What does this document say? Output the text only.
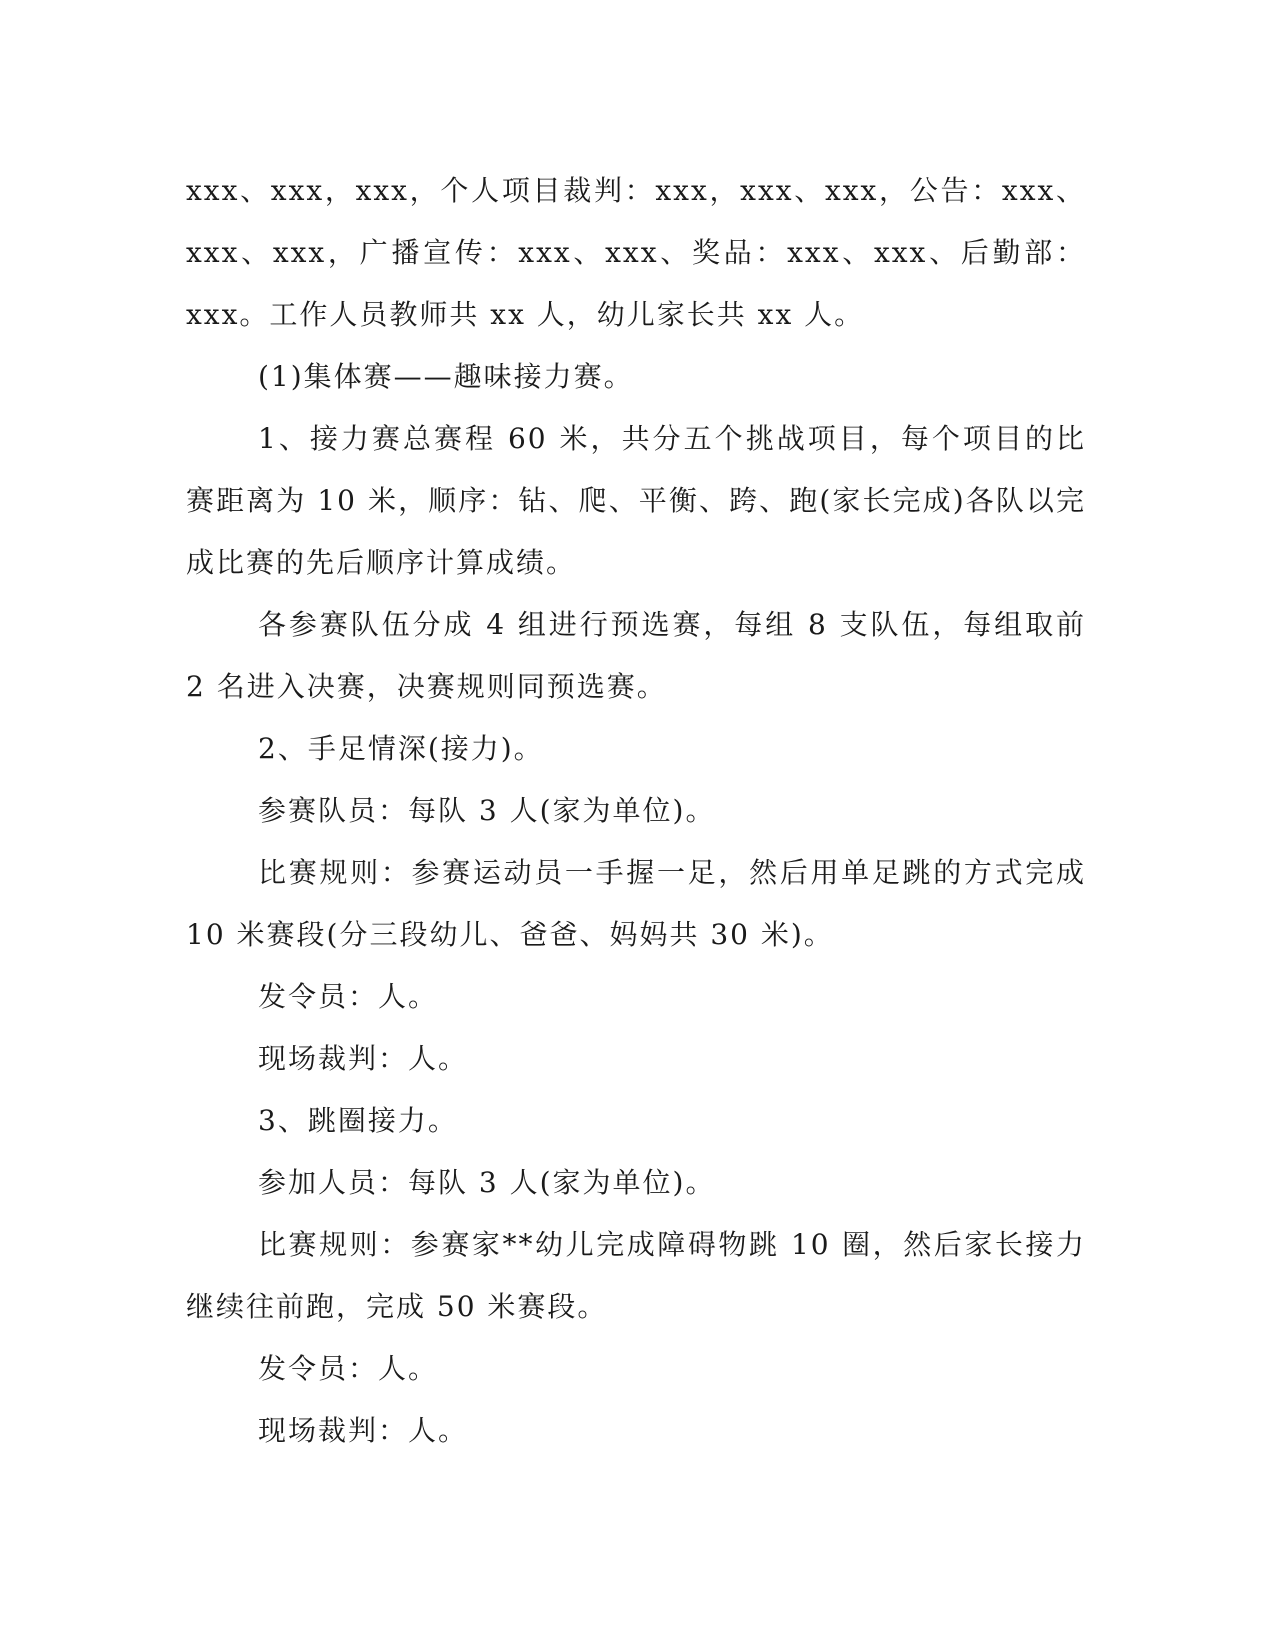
xxx、xxx，xxx，个人项目裁判：xxx，xxx、xxx，公告：xxx、xxx、xxx，广播宣传：xxx、xxx、奖品：xxx、xxx、后勤部：xxx。工作人员教师共 xx 人，幼儿家长共 xx 人。

(1)集体赛——趣味接力赛。

1、接力赛总赛程 60 米，共分五个挑战项目，每个项目的比赛距离为 10 米，顺序：钻、爬、平衡、跨、跑(家长完成)各队以完成比赛的先后顺序计算成绩。

各参赛队伍分成 4 组进行预选赛，每组 8 支队伍，每组取前 2 名进入决赛，决赛规则同预选赛。

2、手足情深(接力)。

参赛队员：每队 3 人(家为单位)。

比赛规则：参赛运动员一手握一足，然后用单足跳的方式完成 10 米赛段(分三段幼儿、爸爸、妈妈共 30 米)。

发令员：人。

现场裁判：人。

3、跳圈接力。

参加人员：每队 3 人(家为单位)。

比赛规则：参赛家**幼儿完成障碍物跳 10 圈，然后家长接力继续往前跑，完成 50 米赛段。

发令员：人。

现场裁判：人。
